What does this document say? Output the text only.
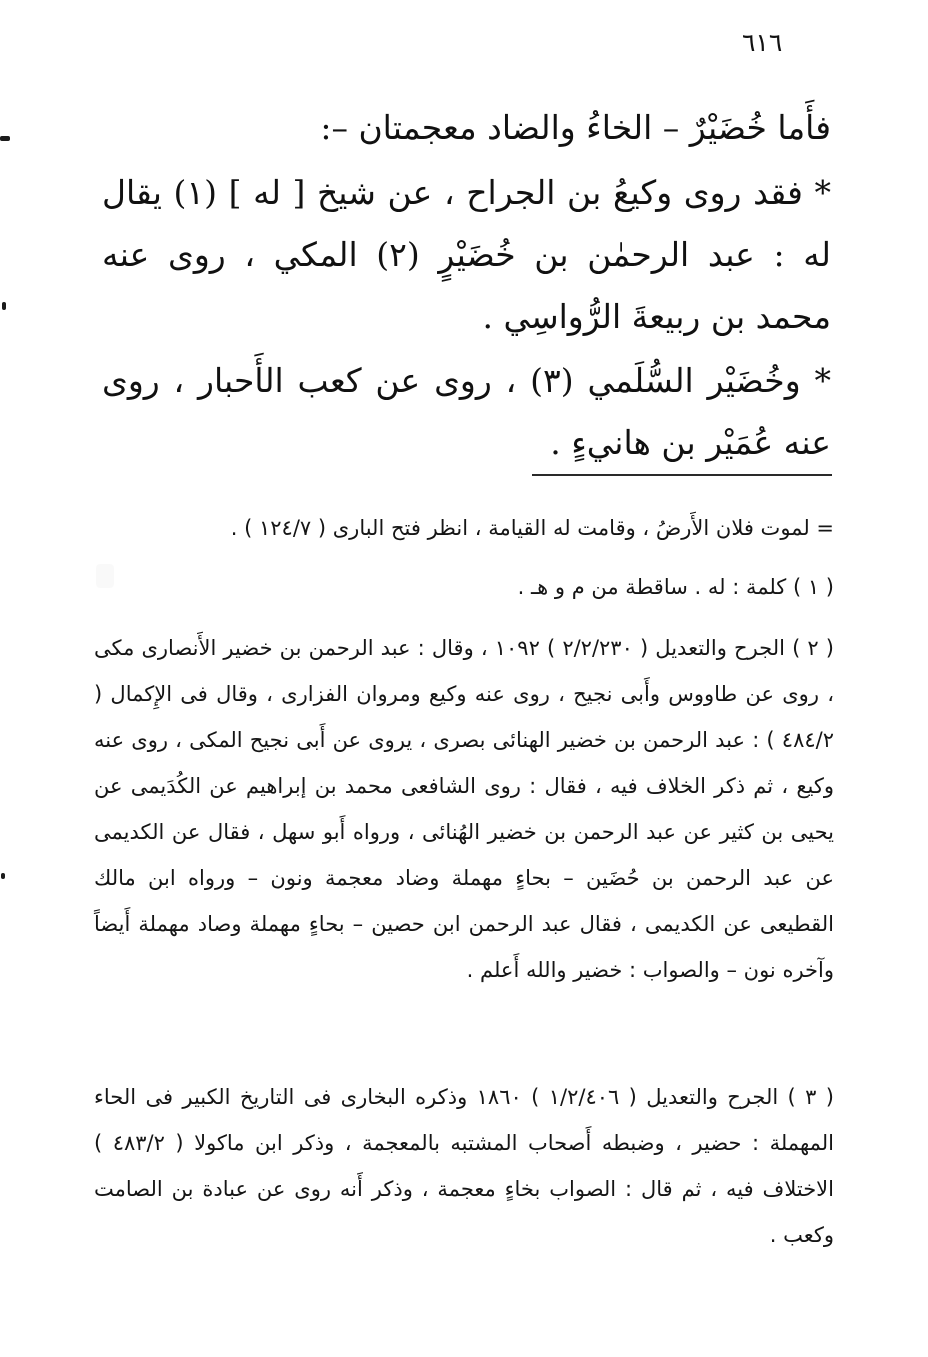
٦١٦
فأَما خُضَيْرٌ – الخاءُ والضاد معجمتان –:
* فقد روى وكيعُ بن الجراح ، عن شيخ [ له ] (١) يقال له : عبد الرحمٰن بن خُضَيْرٍ (٢) المكي ، روى عنه محمد بن ربيعةَ الرُّواسِي .
* وخُضَيْر السُّلَمي (٣) ، روى عن كعب الأَحبار ، روى عنه عُمَيْر بن هانيءٍ .
= لموت فلان الأَرضُ ، وقامت له القيامة ، انظر فتح البارى ( ١٢٤/٧ ) .
( ١ ) كلمة : له . ساقطة من م و هـ .
( ٢ ) الجرح والتعديل ( ٢/٢/٢٣٠ ) ١٠٩٢ ، وقال : عبد الرحمن بن خضير الأَنصارى مكى ، روى عن طاووس وأَبى نجيح ، روى عنه وكيع ومروان الفزارى ، وقال فى الإِكمال ( ٤٨٤/٢ ) : عبد الرحمن بن خضير الهنائى بصرى ، يروى عن أَبى نجيح المكى ، روى عنه وكيع ، ثم ذكر الخلاف فيه ، فقال : روى الشافعى محمد بن إبراهيم عن الكُدَيمى عن يحيى بن كثير عن عبد الرحمن بن خضير الهُنائى ، ورواه أَبو سهل ، فقال عن الكديمى عن عبد الرحمن بن حُضَين – بحاءٍ مهملة وضاد معجمة ونون – ورواه ابن مالك القطيعى عن الكديمى ، فقال عبد الرحمن ابن حصين – بحاءٍ مهملة وصاد مهملة أَيضاً وآخره نون – والصواب : خضير والله أَعلم .
( ٣ ) الجرح والتعديل ( ١/٢/٤٠٦ ) ١٨٦٠ وذكره البخارى فى التاريخ الكبير فى الحاء المهملة : حضير ، وضبطه أَصحاب المشتبه بالمعجمة ، وذكر ابن ماكولا ( ٤٨٣/٢ ) الاختلاف فيه ، ثم قال : الصواب بخاءٍ معجمة ، وذكر أَنه روى عن عبادة بن الصامت وكعب .
